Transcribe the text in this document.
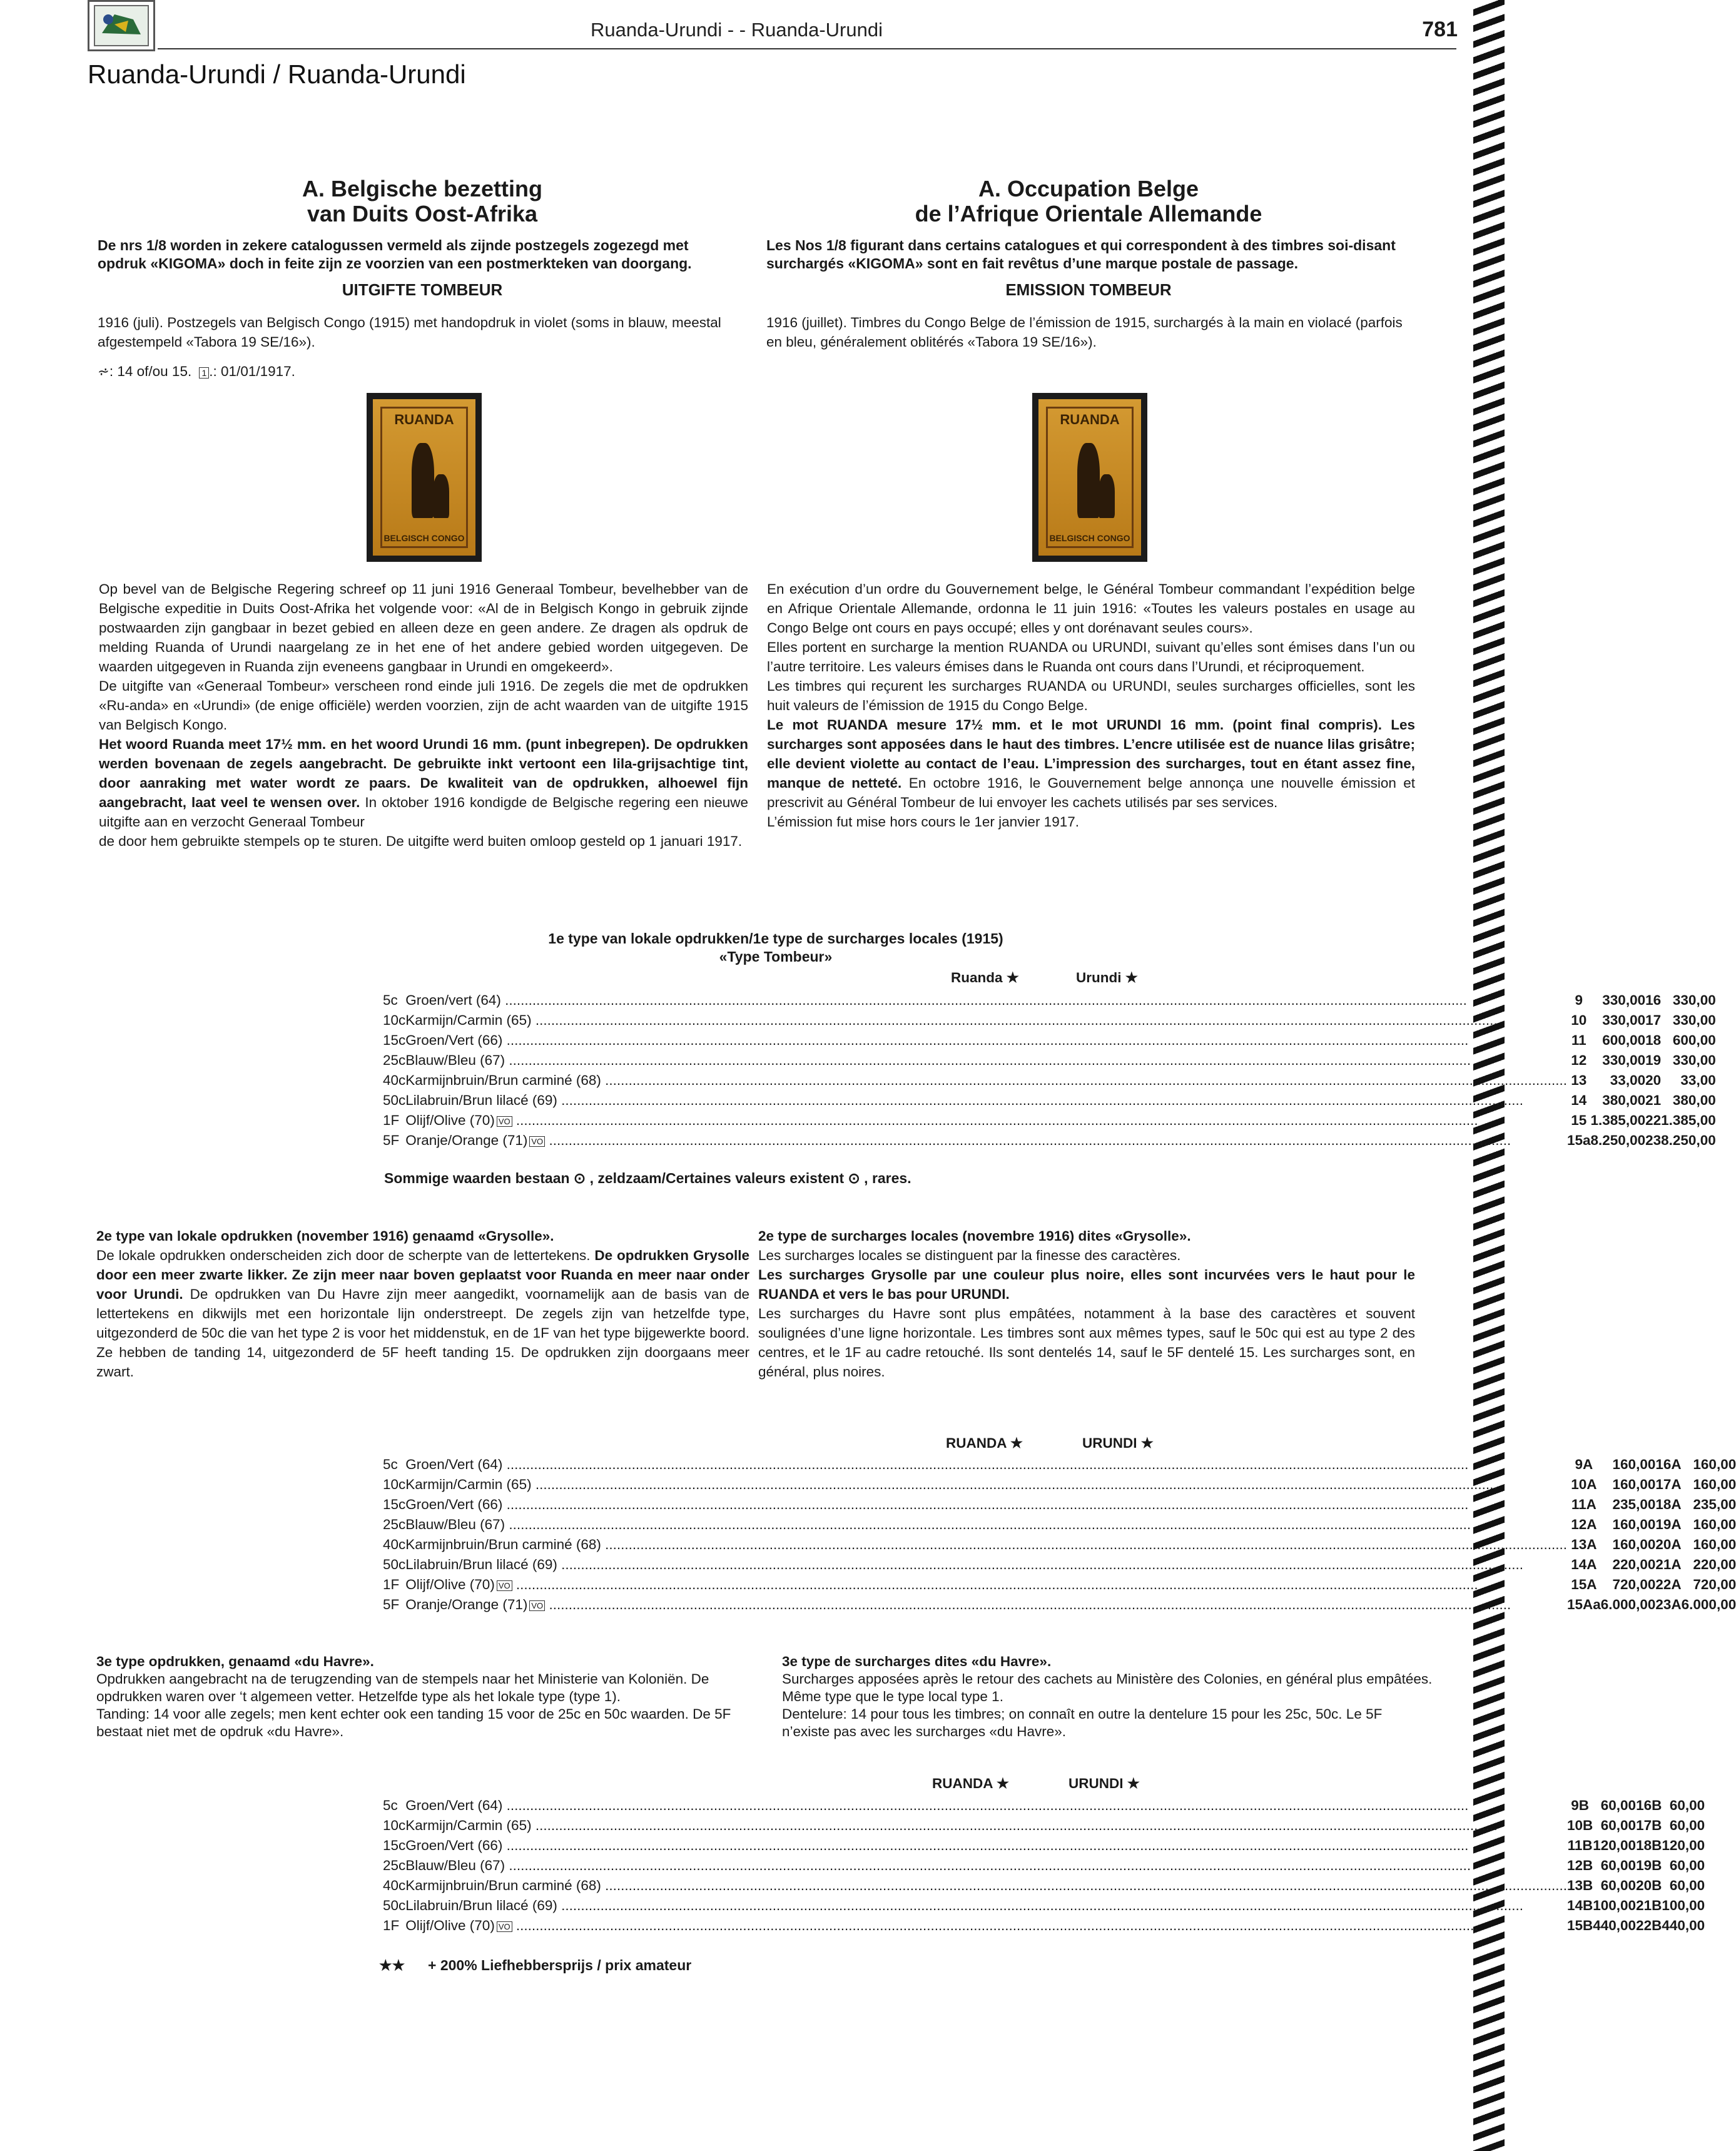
Ruanda-Urundi - - Ruanda-Urundi	781
Ruanda-Urundi / Ruanda-Urundi
A. Belgische bezetting
van Duits Oost-Afrika
De nrs 1/8 worden in zekere catalogussen vermeld als zijnde postzegels zogezegd met opdruk «KIGOMA» doch in feite zijn ze voorzien van een postmerkteken van doorgang.
UITGIFTE TOMBEUR
1916 (juli). Postzegels van Belgisch Congo (1915) met handopdruk in violet (soms in blauw, meestal afgestempeld «Tabora 19 SE/16»).
⩫: 14 of/ou 15. 1 .: 01/01/1917.
A. Occupation Belge
de l’Afrique Orientale Allemande
Les Nos 1/8 figurant dans certains catalogues et qui correspondent à des timbres soi-disant surchargés «KIGOMA» sont en fait revêtus d’une marque postale de passage.
EMISSION TOMBEUR
1916 (juillet). Timbres du Congo Belge de l’émission de 1915, surchargés à la main en violacé (parfois en bleu, généralement oblitérés «Tabora 19 SE/16»).
RUANDA
BELGISCH CONGO
RUANDA
BELGISCH CONGO
Op bevel van de Belgische Regering schreef op 11 juni 1916 Generaal Tombeur, bevelhebber van de Belgische expeditie in Duits Oost-Afrika het volgende voor: «Al de in Belgisch Kongo in gebruik zijnde postwaarden zijn gangbaar in bezet gebied en alleen deze en geen andere. Ze dragen als opdruk de melding Ruanda of Urundi naargelang ze in het ene of het andere gebied worden uitgegeven. De waarden uitgegeven in Ruanda zijn eveneens gangbaar in Urundi en omgekeerd».
De uitgifte van «Generaal Tombeur» verscheen rond einde juli 1916. De zegels die met de opdrukken «Ru-anda» en «Urundi» (de enige officiële) werden voorzien, zijn de acht waarden van de uitgifte 1915 van Belgisch Kongo.
Het woord Ruanda meet 17½ mm. en het woord Urundi 16 mm. (punt inbegrepen). De opdrukken werden bovenaan de zegels aangebracht. De gebruikte inkt vertoont een lila-grijsachtige tint, door aanraking met water wordt ze paars. De kwaliteit van de opdrukken, alhoewel fijn aangebracht, laat veel te wensen over. In oktober 1916 kondigde de Belgische regering een nieuwe uitgifte aan en verzocht Generaal Tombeur
de door hem gebruikte stempels op te sturen. De uitgifte werd buiten omloop gesteld op 1 januari 1917.
En exécution d’un ordre du Gouvernement belge, le Général Tombeur commandant l’expédition belge en Afrique Orientale Allemande, ordonna le 11 juin 1916: «Toutes les valeurs postales en usage au Congo Belge ont cours en pays occupé; elles y ont dorénavant seules cours».
Elles portent en surcharge la mention RUANDA ou URUNDI, suivant qu’elles sont émises dans l’un ou l’autre territoire. Les valeurs émises dans le Ruanda ont cours dans l’Urundi, et réciproquement.
Les timbres qui reçurent les surcharges RUANDA ou URUNDI, seules surcharges officielles, sont les huit valeurs de l’émission de 1915 du Congo Belge.
Le mot RUANDA mesure 17½ mm. et le mot URUNDI 16 mm. (point final compris). Les surcharges sont apposées dans le haut des timbres. L’encre utilisée est de nuance lilas grisâtre; elle devient violette au contact de l’eau. L’impression des surcharges, tout en étant assez fine, manque de netteté. En octobre 1916, le Gouvernement belge annonça une nouvelle émission et prescrivit au Général Tombeur de lui envoyer les cachets utilisés par ses services.
L’émission fut mise hors cours le 1er janvier 1917.
1e type van lokale opdrukken/1e type de surcharges locales (1915)
«Type Tombeur»
Ruanda ★	Urundi ★
5c	Groen/vert (64) .....	9	330,00	16	330,00
10c	Karmijn/Carmin (65) .....	10	330,00	17	330,00
15c	Groen/Vert (66) .....	11	600,00	18	600,00
25c	Blauw/Bleu (67) .....	12	330,00	19	330,00
40c	Karmijnbruin/Brun carminé (68) .....	13	33,00	20	33,00
50c	Lilabruin/Brun lilacé (69) .....	14	380,00	21	380,00
1F	Olijf/Olive (70) VO .....	15	1.385,00	22	1.385,00
5F	Oranje/Orange (71) VO .....	15a	8.250,00	23	8.250,00
Sommige waarden bestaan ⊙ , zeldzaam/Certaines valeurs existent ⊙ , rares.
2e type van lokale opdrukken (november 1916) genaamd «Grysolle».
De lokale opdrukken onderscheiden zich door de scherpte van de lettertekens. De opdrukken Grysolle door een meer zwarte likker. Ze zijn meer naar boven geplaatst voor Ruanda en meer naar onder voor Urundi. De opdrukken van Du Havre zijn meer aangedikt, voornamelijk aan de basis van de lettertekens en dikwijls met een horizontale lijn onderstreept. De zegels zijn van hetzelfde type, uitgezonderd de 50c die van het type 2 is voor het middenstuk, en de 1F van het type bijgewerkte boord. Ze hebben de tanding 14, uitgezonderd de 5F heeft tanding 15. De opdrukken zijn doorgaans meer zwart.
2e type de surcharges locales (novembre 1916) dites «Grysolle».
Les surcharges locales se distinguent par la finesse des caractères.
Les surcharges Grysolle par une couleur plus noire, elles sont incurvées vers le haut pour le RUANDA et vers le bas pour URUNDI.
Les surcharges du Havre sont plus empâtées, notamment à la base des caractères et souvent soulignées d’une ligne horizontale. Les timbres sont aux mêmes types, sauf le 50c qui est au type 2 des centres, et le 1F au cadre retouché. Ils sont dentelés 14, sauf le 5F dentelé 15. Les surcharges sont, en général, plus noires.
RUANDA ★	URUNDI ★
5c	Groen/Vert (64) .....	9A	160,00	16A	160,00
10c	Karmijn/Carmin (65) .....	10A	160,00	17A	160,00
15c	Groen/Vert (66) .....	11A	235,00	18A	235,00
25c	Blauw/Bleu (67) .....	12A	160,00	19A	160,00
40c	Karmijnbruin/Brun carminé (68) .....	13A	160,00	20A	160,00
50c	Lilabruin/Brun lilacé (69) .....	14A	220,00	21A	220,00
1F	Olijf/Olive (70) VO .....	15A	720,00	22A	720,00
5F	Oranje/Orange (71) VO .....	15Aa	6.000,00	23A	6.000,00
3e type opdrukken, genaamd «du Havre».
Opdrukken aangebracht na de terugzending van de stempels naar het Ministerie van Koloniën. De opdrukken waren over ‘t algemeen vetter. Hetzelfde type als het lokale type (type 1).
Tanding: 14 voor alle zegels; men kent echter ook een tanding 15 voor de 25c en 50c waarden. De 5F bestaat niet met de opdruk «du Havre».
3e type de surcharges dites «du Havre».
Surcharges apposées après le retour des cachets au Ministère des Colonies, en général plus empâtées. Même type que le type local type 1.
Dentelure: 14 pour tous les timbres; on connaît en outre la dentelure 15 pour les 25c, 50c. Le 5F n’existe pas avec les surcharges «du Havre».
RUANDA ★	URUNDI ★
5c	Groen/Vert (64) .....	9B	60,00	16B	60,00
10c	Karmijn/Carmin (65) .....	10B	60,00	17B	60,00
15c	Groen/Vert (66) .....	11B	120,00	18B	120,00
25c	Blauw/Bleu (67) .....	12B	60,00	19B	60,00
40c	Karmijnbruin/Brun carminé (68) .....	13B	60,00	20B	60,00
50c	Lilabruin/Brun lilacé (69) .....	14B	100,00	21B	100,00
1F	Olijf/Olive (70) VO .....	15B	440,00	22B	440,00
★★ + 200% Liefhebbersprijs / prix amateur
